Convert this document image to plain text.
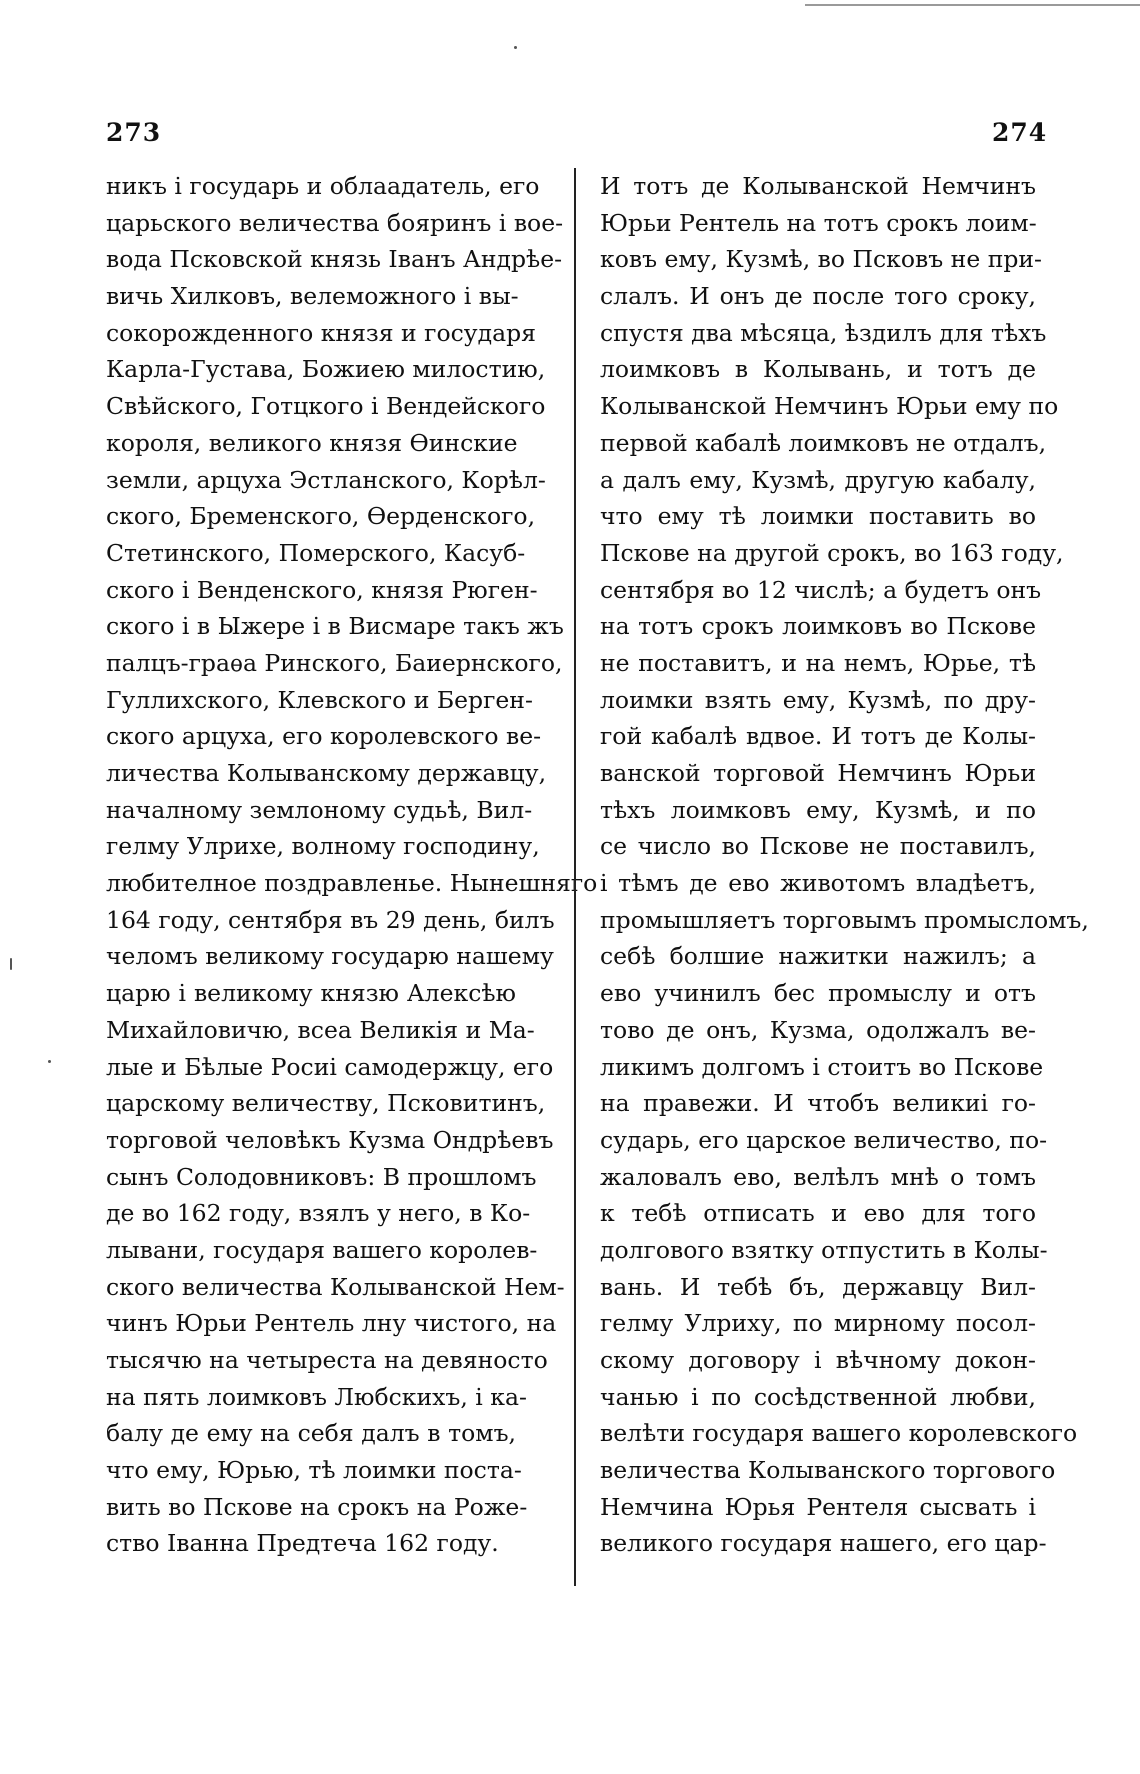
273	274
никъ і государь и облаадатель, его
царьского величества бояринъ і вое-
вода Псковской князь Іванъ Андрѣе-
вичь Хилковъ, велеможного і вы-
сокорожденного князя и государя
Карла-Густава, Божиею милостию,
Свѣйского, Готцкого і Вендейского
короля, великого князя Ѳинские
земли, арцуха Эстланского, Корѣл-
ского, Бременского, Ѳерденского,
Стетинского, Померского, Касуб-
ского і Венденского, князя Рюген-
ского і в Ыжере і в Висмаре такъ жъ
палцъ-граѳа Ринского, Баиернского,
Гуллихского, Клевского и Берген-
ского арцуха, его королевского ве-
личества Колыванскому державцу,
началному землоному судьѣ, Вил-
гелму Улрихе, волному господину,
любителное поздравленье. Нынешняго
164 году, сентября въ 29 день, билъ
челомъ великому государю нашему
царю і великому князю Алексѣю
Михайловичю, всеа Великія и Ма-
лые и Бѣлые Росиі самодержцу, его
царскому величеству, Псковитинъ,
торговой человѣкъ Кузма Ондрѣевъ
сынъ Солодовниковъ: В прошломъ
де во 162 году, взялъ у него, в Ко-
лывани, государя вашего королев-
ского величества Колыванской Нем-
чинъ Юрьи Рентель лну чистого, на
тысячю на четыреста на девяносто
на пять лоимковъ Любскихъ, і ка-
балу де ему на себя далъ в томъ,
что ему, Юрью, тѣ лоимки поста-
вить во Пскове на срокъ на Роже-
ство Іванна Предтеча 162 году.
И тотъ де Колыванской Немчинъ
Юрьи Рентель на тотъ срокъ лоим-
ковъ ему, Кузмѣ, во Псковъ не при-
слалъ. И онъ де после того сроку,
спустя два мѣсяца, ѣздилъ для тѣхъ
лоимковъ в Колывань, и тотъ де
Колыванской Немчинъ Юрьи ему по
первой кабалѣ лоимковъ не отдалъ,
а далъ ему, Кузмѣ, другую кабалу,
что ему тѣ лоимки поставить во
Пскове на другой срокъ, во 163 году,
сентября во 12 числѣ; а будетъ онъ
на тотъ срокъ лоимковъ во Пскове
не поставитъ, и на немъ, Юрье, тѣ
лоимки взять ему, Кузмѣ, по дру-
гой кабалѣ вдвое. И тотъ де Колы-
ванской торговой Немчинъ Юрьи
тѣхъ лоимковъ ему, Кузмѣ, и по
се число во Пскове не поставилъ,
і тѣмъ де ево животомъ владѣетъ,
промышляетъ торговымъ промысломъ,
себѣ болшие нажитки нажилъ; а
ево учинилъ бес промыслу и отъ
тово де онъ, Кузма, одолжалъ ве-
ликимъ долгомъ і стоитъ во Пскове
на правежи. И чтобъ великиі го-
сударь, его царское величество, по-
жаловалъ ево, велѣлъ мнѣ о томъ
к тебѣ отписать и ево для того
долгового взятку отпустить в Колы-
вань. И тебѣ бъ, державцу Вил-
гелму Улриху, по мирному посол-
скому договору і вѣчному докон-
чанью і по сосѣдственной любви,
велѣти государя вашего королевского
величества Колыванского торгового
Немчина Юрья Рентеля сысвать і
великого государя нашего, его цар-
